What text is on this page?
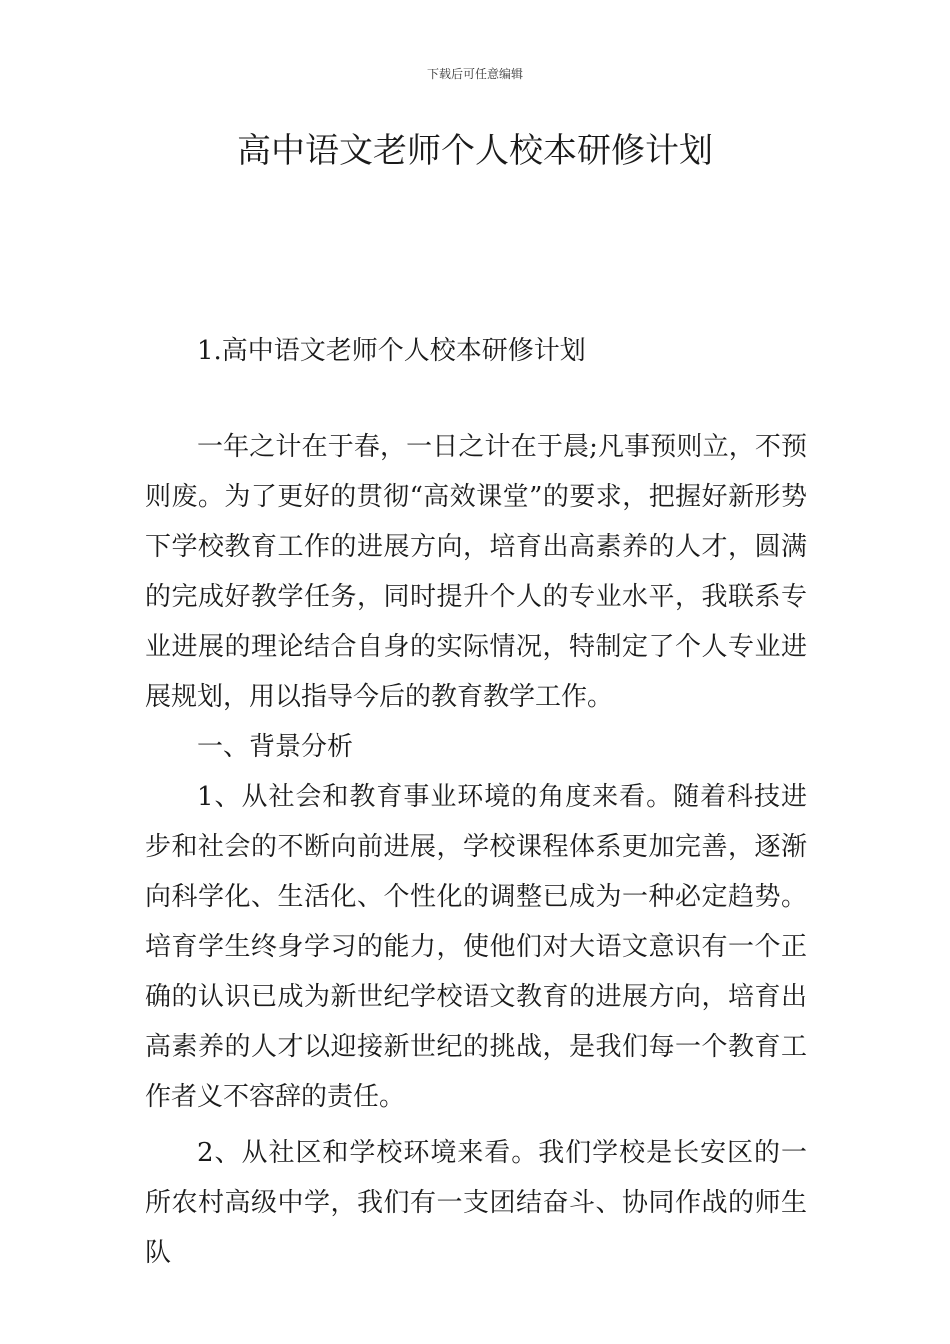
下载后可任意编辑
高中语文老师个人校本研修计划
1.高中语文老师个人校本研修计划

一年之计在于春，一日之计在于晨;凡事预则立，不预则废。为了更好的贯彻“高效课堂”的要求，把握好新形势下学校教育工作的进展方向，培育出高素养的人才，圆满的完成好教学任务，同时提升个人的专业水平，我联系专业进展的理论结合自身的实际情况，特制定了个人专业进展规划，用以指导今后的教育教学工作。

一、背景分析

1、从社会和教育事业环境的角度来看。随着科技进步和社会的不断向前进展，学校课程体系更加完善，逐渐向科学化、生活化、个性化的调整已成为一种必定趋势。培育学生终身学习的能力，使他们对大语文意识有一个正确的认识已成为新世纪学校语文教育的进展方向，培育出高素养的人才以迎接新世纪的挑战，是我们每一个教育工作者义不容辞的责任。

2、从社区和学校环境来看。我们学校是长安区的一所农村高级中学，我们有一支团结奋斗、协同作战的师生队
